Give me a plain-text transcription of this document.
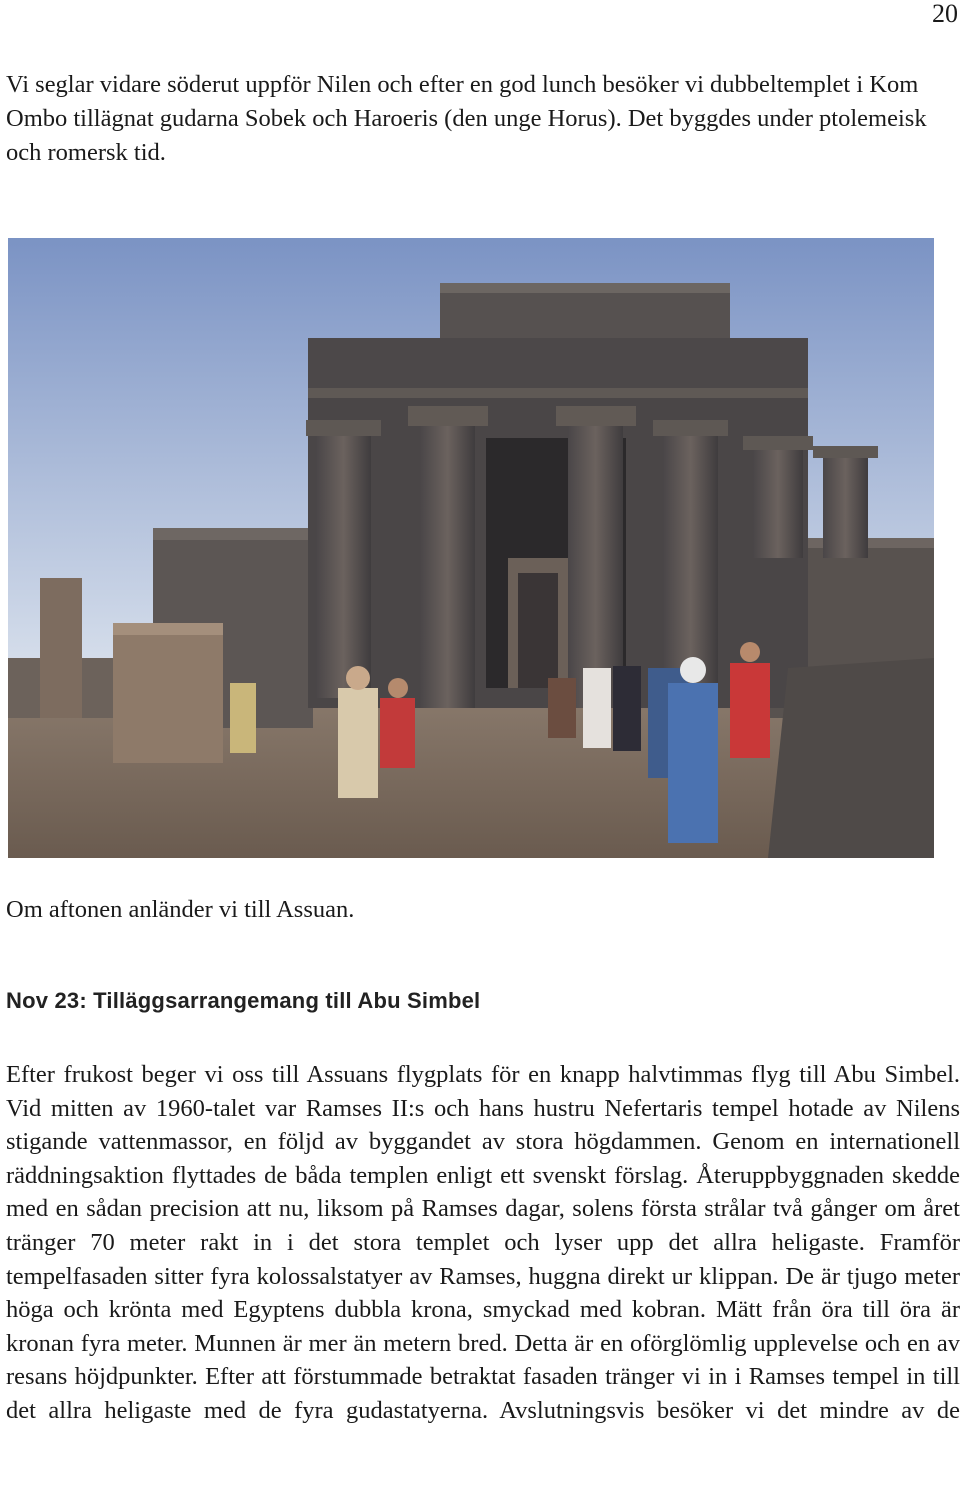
20

Vi seglar vidare söderut uppför Nilen och efter en god lunch besöker vi dubbeltemplet i Kom Ombo tillägnat gudarna Sobek och Haroeris (den unge Horus). Det byggdes under ptolemeisk och romersk tid.

Om aftonen anländer vi till Assuan.

Nov 23: Tilläggsarrangemang till Abu Simbel

Efter frukost beger vi oss till Assuans flygplats för en knapp halvtimmas flyg till Abu Simbel. Vid mitten av 1960-talet var Ramses II:s och hans hustru Nefertaris tempel hotade av Nilens stigande vattenmassor, en följd av byggandet av stora högdammen. Genom en internationell räddningsaktion flyttades de båda templen enligt ett svenskt förslag. Återuppbyggnaden skedde med en sådan precision att nu, liksom på Ramses dagar, solens första strålar två gånger om året tränger 70 meter rakt in i det stora templet och lyser upp det allra heligaste. Framför tempelfasaden sitter fyra kolossalstatyer av Ramses, huggna direkt ur klippan. De är tjugo meter höga och krönta med Egyptens dubbla krona, smyckad med kobran. Mätt från öra till öra är kronan fyra meter. Munnen är mer än metern bred. Detta är en oförglömlig upplevelse och en av resans höjdpunkter. Efter att förstummade betraktat fasaden tränger vi in i Ramses tempel in till det allra heligaste med de fyra gudastatyerna. Avslutningsvis besöker vi det mindre av de
